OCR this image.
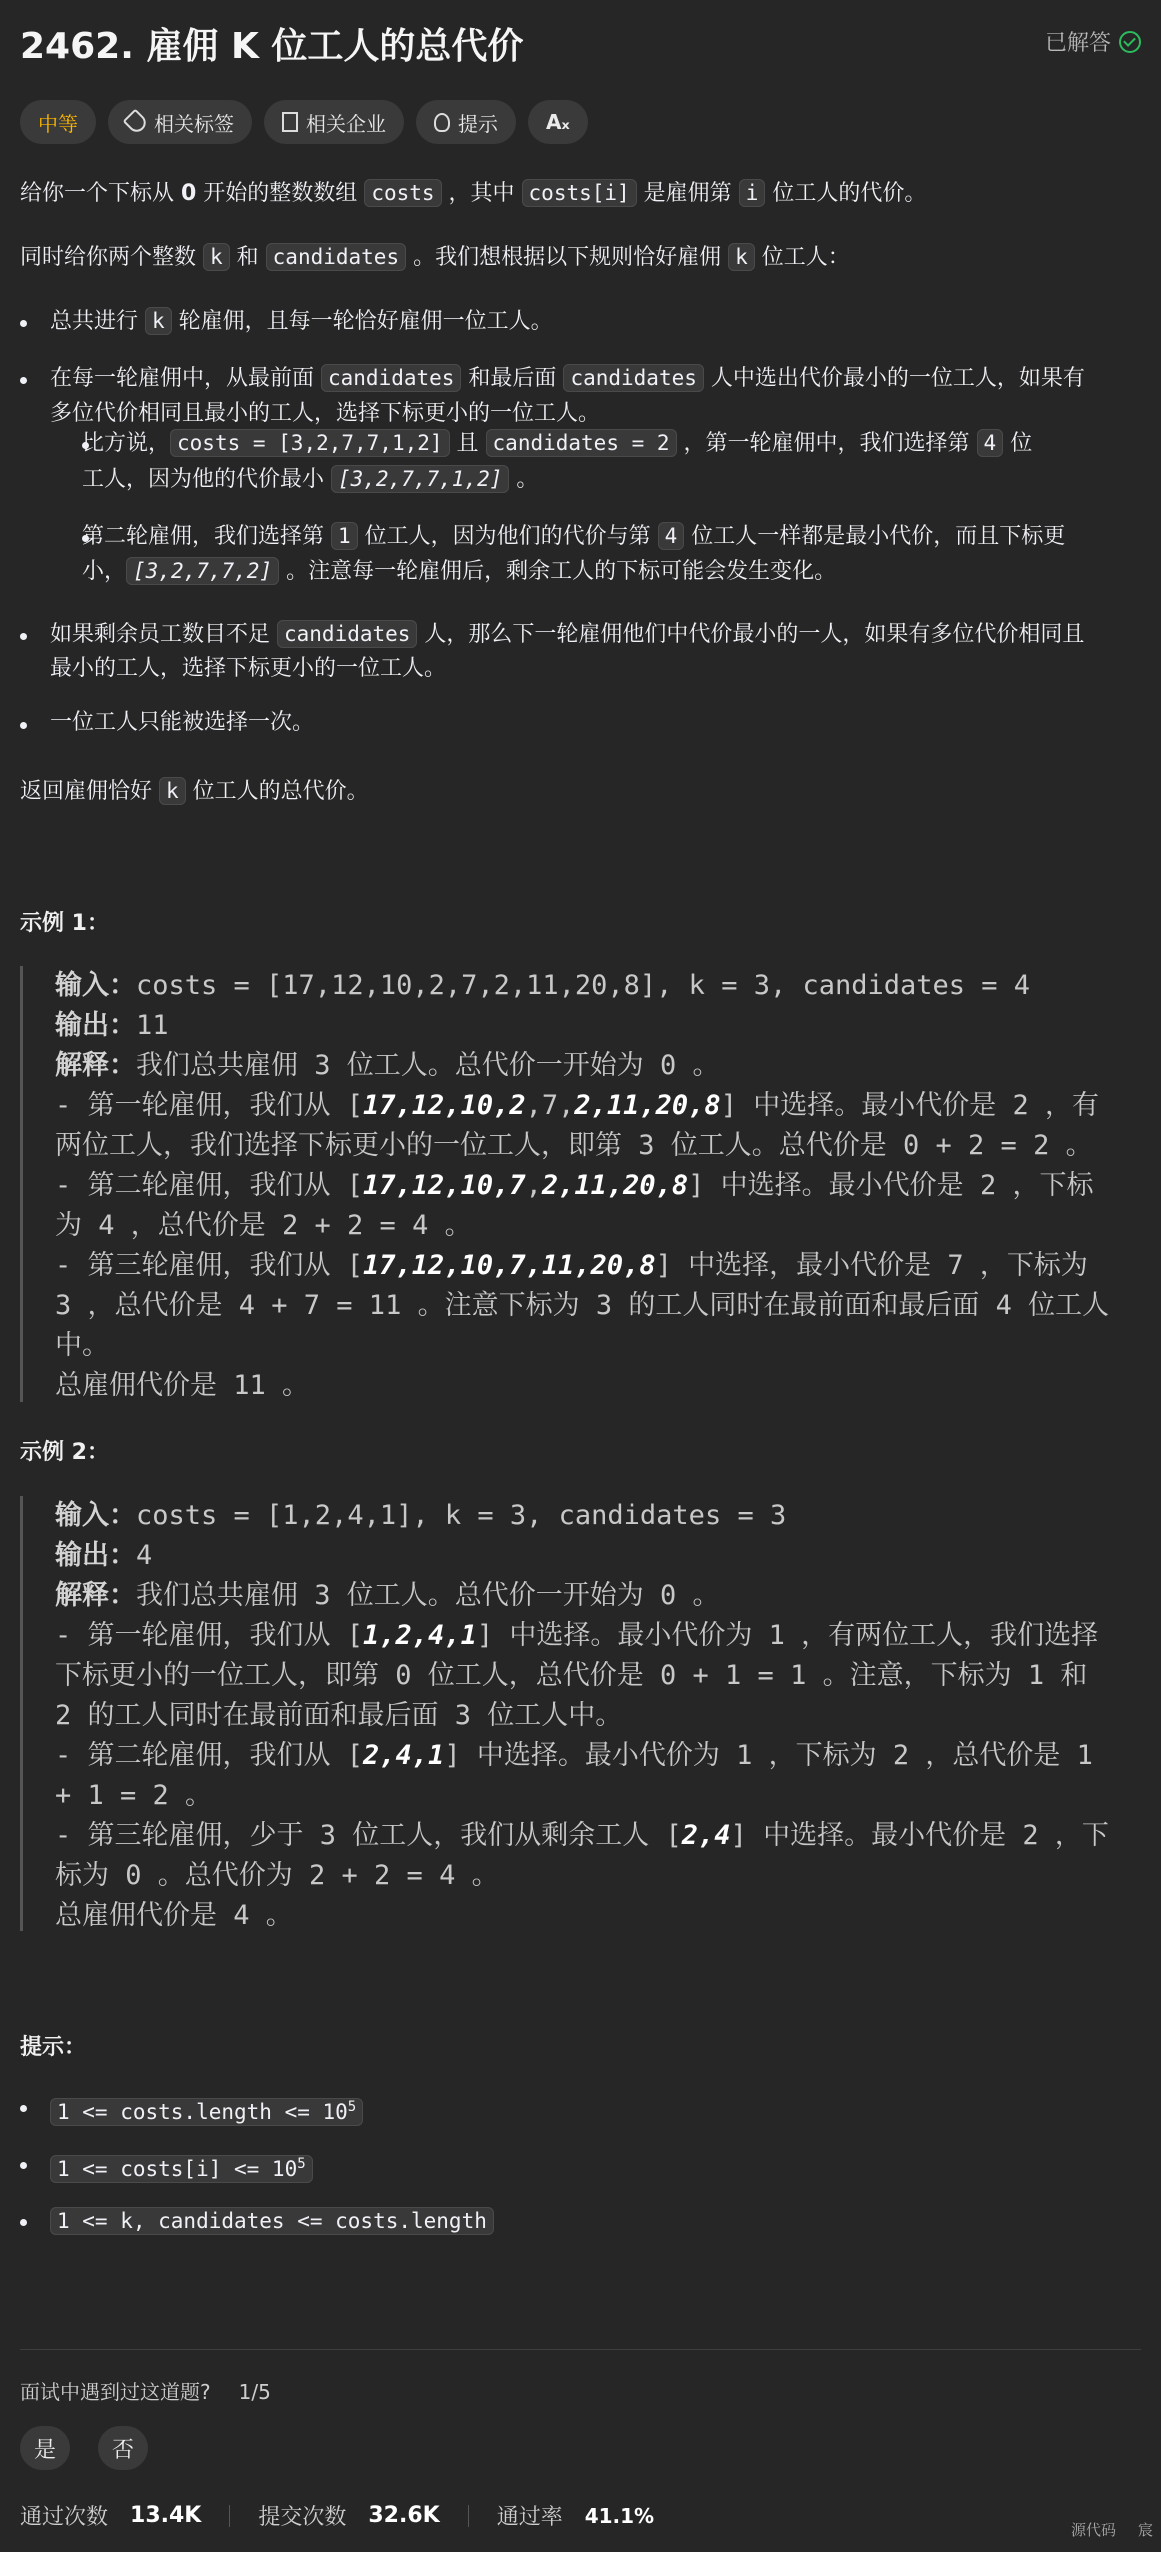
2462. 雇佣 K 位工人的总代价	已解答
中等	相关标签	相关企业	提示 Aₓ
给你一个下标从 0 开始的整数数组 costs ，其中 costs[i] 是雇佣第 i 位工人的代价。
同时给你两个整数 k 和 candidates 。我们想根据以下规则恰好雇佣 k 位工人：
总共进行 k 轮雇佣，且每一轮恰好雇佣一位工人。
在每一轮雇佣中，从最前面 candidates 和最后面 candidates 人中选出代价最小的一位工人，如果有
多位代价相同且最小的工人，选择下标更小的一位工人。
比方说， costs = [3,2,7,7,1,2] 且 candidates = 2 ，第一轮雇佣中，我们选择第 4 位
工人，因为他的代价最小 [3,2,7,7,1,2] 。
第二轮雇佣，我们选择第 1 位工人，因为他们的代价与第 4 位工人一样都是最小代价，而且下标更
小， [3,2,7,7,2] 。注意每一轮雇佣后，剩余工人的下标可能会发生变化。
如果剩余员工数目不足 candidates 人，那么下一轮雇佣他们中代价最小的一人，如果有多位代价相同且
最小的工人，选择下标更小的一位工人。
一位工人只能被选择一次。
返回雇佣恰好 k 位工人的总代价。
示例 1：
输入：costs = [17,12,10,2,7,2,11,20,8], k = 3, candidates = 4
输出：11
解释：我们总共雇佣 3 位工人。总代价一开始为 0 。
- 第一轮雇佣，我们从 [17,12,10,2,7,2,11,20,8] 中选择。最小代价是 2 ，有
两位工人，我们选择下标更小的一位工人，即第 3 位工人。总代价是 0 + 2 = 2 。
- 第二轮雇佣，我们从 [17,12,10,7,2,11,20,8] 中选择。最小代价是 2 ，下标
为 4 ，总代价是 2 + 2 = 4 。
- 第三轮雇佣，我们从 [17,12,10,7,11,20,8] 中选择，最小代价是 7 ，下标为
3 ，总代价是 4 + 7 = 11 。注意下标为 3 的工人同时在最前面和最后面 4 位工人
中。
总雇佣代价是 11 。
示例 2：
输入：costs = [1,2,4,1], k = 3, candidates = 3
输出：4
解释：我们总共雇佣 3 位工人。总代价一开始为 0 。
- 第一轮雇佣，我们从 [1,2,4,1] 中选择。最小代价为 1 ，有两位工人，我们选择
下标更小的一位工人，即第 0 位工人，总代价是 0 + 1 = 1 。注意，下标为 1 和
2 的工人同时在最前面和最后面 3 位工人中。
- 第二轮雇佣，我们从 [2,4,1] 中选择。最小代价为 1 ，下标为 2 ，总代价是 1
+ 1 = 2 。
- 第三轮雇佣，少于 3 位工人，我们从剩余工人 [2,4] 中选择。最小代价是 2 ，下
标为 0 。总代价为 2 + 2 = 4 。
总雇佣代价是 4 。
提示：
1 <= costs.length <= $10^5$
1 <= costs[i] <= $10^5$
1 <= k, candidates <= costs.length
面试中遇到过这道题? 1/5
是	否
通过次数 13.4K	提交次数 32.6K	通过率 41.1%
源代码 宸
